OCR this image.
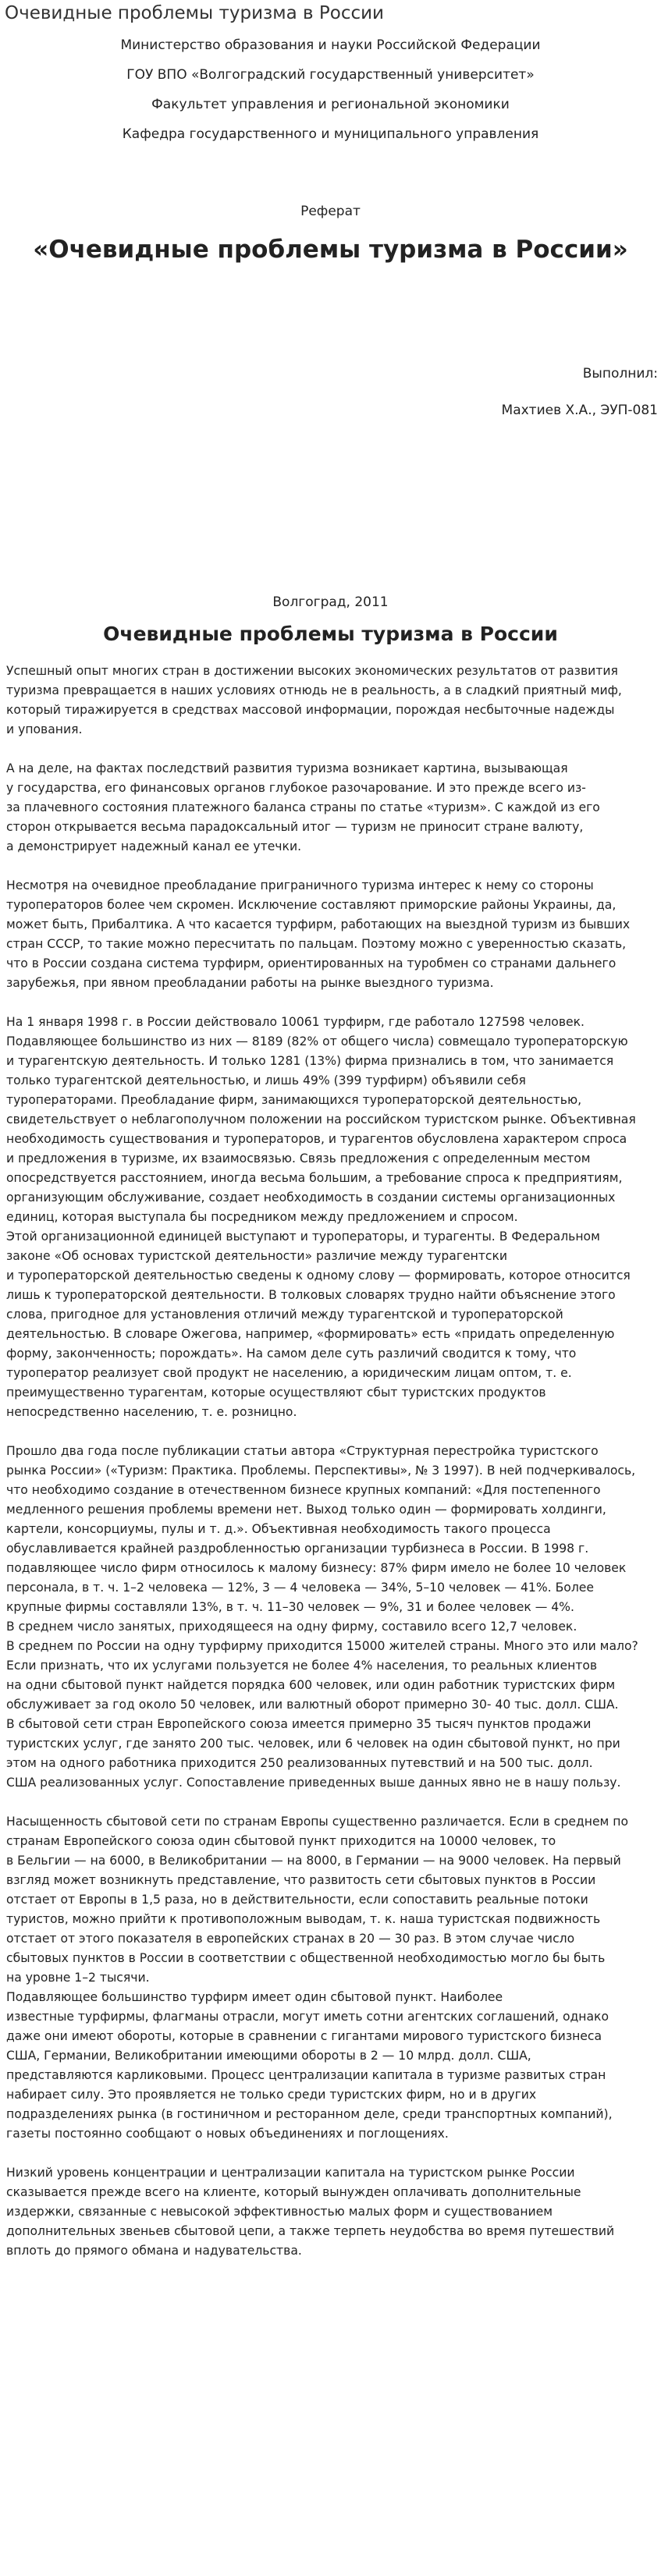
Очевидные проблемы туризма в России
Министерство образования и науки Российской Федерации
ГОУ ВПО «Волгоградский государственный университет»
Факультет управления и региональной экономики
Кафедра государственного и муниципального управления
Реферат
«Очевидные проблемы туризма в России»
Выполнил:
Махтиев Х.А., ЭУП-081
Волгоград, 2011
Очевидные проблемы туризма в России

Успешный опыт многих стран в достижении высоких экономических результатов от развития
туризма превращается в наших условиях отнюдь не в реальность, а в сладкий приятный миф,
который тиражируется в средствах массовой информации, порождая несбыточные надежды
и упования.

А на деле, на фактах последствий развития туризма возникает картина, вызывающая
у государства, его финансовых органов глубокое разочарование. И это прежде всего из-
за плачевного состояния платежного баланса страны по статье «туризм». С каждой из его
сторон открывается весьма парадоксальный итог — туризм не приносит стране валюту,
а демонстрирует надежный канал ее утечки.

Несмотря на очевидное преобладание приграничного туризма интерес к нему со стороны
туроператоров более чем скромен. Исключение составляют приморские районы Украины, да,
может быть, Прибалтика. А что касается турфирм, работающих на выездной туризм из бывших
стран СССР, то такие можно пересчитать по пальцам. Поэтому можно с уверенностью сказать,
что в России создана система турфирм, ориентированных на туробмен со странами дальнего
зарубежья, при явном преобладании работы на рынке выездного туризма.

На 1 января 1998 г. в России действовало 10061 турфирм, где работало 127598 человек.
Подавляющее большинство из них — 8189 (82% от общего числа) совмещало туроператорскую
и турагентскую деятельность. И только 1281 (13%) фирма признались в том, что занимается
только турагентской деятельностью, и лишь 49% (399 турфирм) объявили себя
туроператорами. Преобладание фирм, занимающихся туроператорской деятельностью,
свидетельствует о неблагополучном положении на российском туристском рынке. Объективная
необходимость существования и туроператоров, и турагентов обусловлена характером спроса
и предложения в туризме, их взаимосвязью. Связь предложения с определенным местом
опосредствуется расстоянием, иногда весьма большим, а требование спроса к предприятиям,
организующим обслуживание, создает необходимость в создании системы организационных
единиц, которая выступала бы посредником между предложением и спросом.
Этой организационной единицей выступают и туроператоры, и турагенты. В Федеральном
законе «Об основах туристской деятельности» различие между турагентски
и туроператорской деятельностью сведены к одному слову — формировать, которое относится
лишь к туроператорской деятельности. В толковых словарях трудно найти объяснение этого
слова, пригодное для установления отличий между турагентской и туроператорской
деятельностью. В словаре Ожегова, например, «формировать» есть «придать определенную
форму, законченность; порождать». На самом деле суть различий сводится к тому, что
туроператор реализует свой продукт не населению, а юридическим лицам оптом, т. е.
преимущественно турагентам, которые осуществляют сбыт туристских продуктов
непосредственно населению, т. е. розницно.

Прошло два года после публикации статьи автора «Структурная перестройка туристского
рынка России» («Туризм: Практика. Проблемы. Перспективы», № 3 1997). В ней подчеркивалось,
что необходимо создание в отечественном бизнесе крупных компаний: «Для постепенного
медленного решения проблемы времени нет. Выход только один — формировать холдинги,
картели, консорциумы, пулы и т. д.». Объективная необходимость такого процесса
обуславливается крайней раздробленностью организации турбизнеса в России. В 1998 г.
подавляющее число фирм относилось к малому бизнесу: 87% фирм имело не более 10 человек
персонала, в т. ч. 1–2 человека — 12%, 3 — 4 человека — 34%, 5–10 человек — 41%. Более
крупные фирмы составляли 13%, в т. ч. 11–30 человек — 9%, 31 и более человек — 4%.
В среднем число занятых, приходящееся на одну фирму, составило всего 12,7 человек.
В среднем по России на одну турфирму приходится 15000 жителей страны. Много это или мало?
Если признать, что их услугами пользуется не более 4% населения, то реальных клиентов
на одни сбытовой пункт найдется порядка 600 человек, или один работник туристских фирм
обслуживает за год около 50 человек, или валютный оборот примерно 30- 40 тыс. долл. США.
В сбытовой сети стран Европейского союза имеется примерно 35 тысяч пунктов продажи
туристских услуг, где занято 200 тыс. человек, или 6 человек на один сбытовой пункт, но при
этом на одного работника приходится 250 реализованных путевствий и на 500 тыс. долл.
США реализованных услуг. Сопоставление приведенных выше данных явно не в нашу пользу.

Насыщенность сбытовой сети по странам Европы существенно различается. Если в среднем по
странам Европейского союза один сбытовой пункт приходится на 10000 человек, то
в Бельгии — на 6000, в Великобритании — на 8000, в Германии — на 9000 человек. На первый
взгляд может возникнуть представление, что развитость сети сбытовых пунктов в России
отстает от Европы в 1,5 раза, но в действительности, если сопоставить реальные потоки
туристов, можно прийти к противоположным выводам, т. к. наша туристская подвижность
отстает от этого показателя в европейских странах в 20 — 30 раз. В этом случае число
сбытовых пунктов в России в соответствии с общественной необходимостью могло бы быть
на уровне 1–2 тысячи.

Подавляющее большинство турфирм имеет один сбытовой пункт. Наиболее
известные турфирмы, флагманы отрасли, могут иметь сотни агентских соглашений, однако
даже они имеют обороты, которые в сравнении с гигантами мирового туристского бизнеса
США, Германии, Великобритании имеющими обороты в 2 — 10 млрд. долл. США,
представляются карликовыми. Процесс централизации капитала в туризме развитых стран
набирает силу. Это проявляется не только среди туристских фирм, но и в других
подразделениях рынка (в гостиничном и ресторанном деле, среди транспортных компаний),
газеты постоянно сообщают о новых объединениях и поглощениях.

Низкий уровень концентрации и централизации капитала на туристском рынке России
сказывается прежде всего на клиенте, который вынужден оплачивать дополнительные
издержки, связанные с невысокой эффективностью малых форм и существованием
дополнительных звеньев сбытовой цепи, а также терпеть неудобства во время путешествий
вплоть до прямого обмана и надувательства.
